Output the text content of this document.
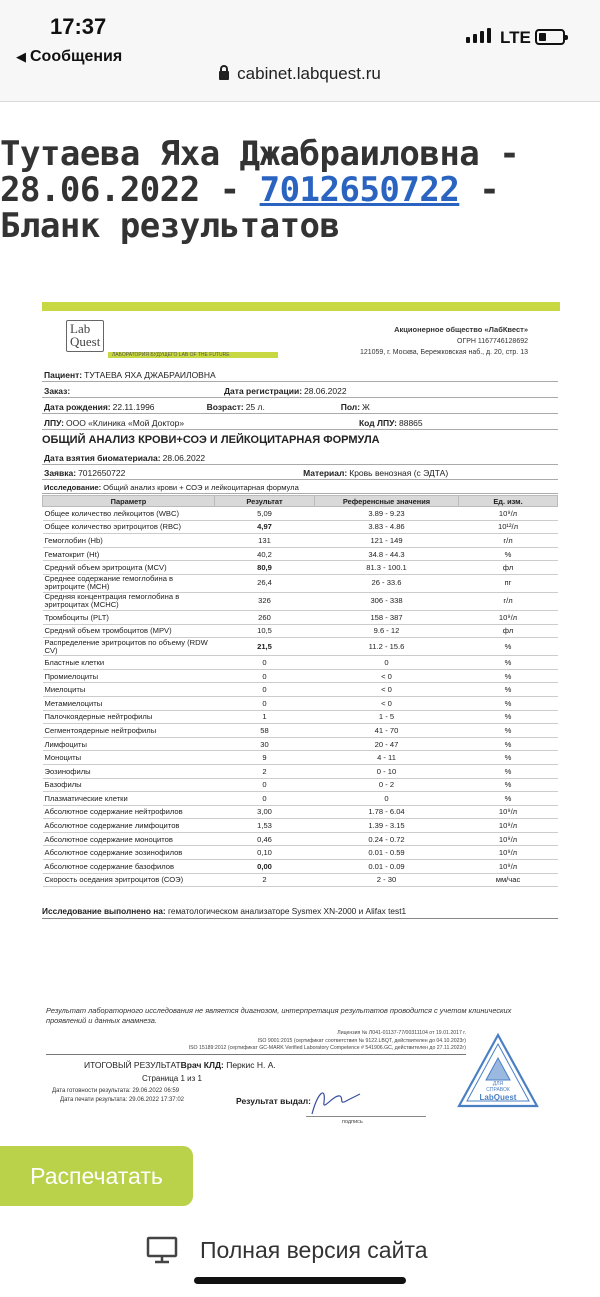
17:37
◀ Сообщения
LTE
cabinet.labquest.ru
Тутаева Яха Джабраиловна - 28.06.2022 - 7012650722 - Бланк результатов
Lab Quest
ЛАБОРАТОРИЯ БУДУЩЕГО LAB OF THE FUTURE
Акционерное общество «ЛабКвест»
ОГРН 1167746128692
121059, г. Москва, Бережковская наб., д. 20, стр. 13
Пациент: ТУТАЕВА ЯХА ДЖАБРАИЛОВНА
Заказ:	Дата регистрации: 28.06.2022
Дата рождения: 22.11.1996	Возраст: 25 л.	Пол: Ж
ЛПУ: ООО «Клиника «Мой Доктор»	Код ЛПУ: 88865
ОБЩИЙ АНАЛИЗ КРОВИ+СОЭ И ЛЕЙКОЦИТАРНАЯ ФОРМУЛА
Дата взятия биоматериала: 28.06.2022
Заявка: 7012650722	Материал: Кровь венозная (с ЭДТА)
Исследование: Общий анализ крови + СОЭ и лейкоцитарная формула
Параметр	Результат	Референсные значения	Ед. изм.
Общее количество лейкоцитов (WBC)	5,09	3.89 - 9.23	10⁹/л
Общее количество эритроцитов (RBC)	4,97	3.83 - 4.86	10¹²/л
Гемоглобин (Hb)	131	121 - 149	г/л
Гематокрит (Ht)	40,2	34.8 - 44.3	%
Средний объем эритроцита (MCV)	80,9	81.3 - 100.1	фл
Среднее содержание гемоглобина в эритроците (MCH)	26,4	26 - 33.6	пг
Средняя концентрация гемоглобина в эритроцитах (MCHC)	326	306 - 338	г/л
Тромбоциты (PLT)	260	158 - 387	10⁹/л
Средний объем тромбоцитов (MPV)	10,5	9.6 - 12	фл
Распределение эритроцитов по объему (RDW CV)	21,5	11.2 - 15.6	%
Бластные клетки	0	0	%
Промиелоциты	0	< 0	%
Миелоциты	0	< 0	%
Метамиелоциты	0	< 0	%
Палочкоядерные нейтрофилы	1	1 - 5	%
Сегментоядерные нейтрофилы	58	41 - 70	%
Лимфоциты	30	20 - 47	%
Моноциты	9	4 - 11	%
Эозинофилы	2	0 - 10	%
Базофилы	0	0 - 2	%
Плазматические клетки	0	0	%
Абсолютное содержание нейтрофилов	3,00	1.78 - 6.04	10⁹/л
Абсолютное содержание лимфоцитов	1,53	1.39 - 3.15	10⁹/л
Абсолютное содержание моноцитов	0,46	0.24 - 0.72	10⁹/л
Абсолютное содержание эозинофилов	0,10	0.01 - 0.59	10⁹/л
Абсолютное содержание базофилов	0,00	0.01 - 0.09	10⁹/л
Скорость оседания эритроцитов (СОЭ)	2	2 - 30	мм/час
Исследование выполнено на: гематологическом анализаторе Sysmex XN-2000 и Alifax test1
Результат лабораторного исследования не является диагнозом, интерпретация результатов проводится с учетом клинических проявлений и данных анамнеза.
Лицензия № Л041-01137-77/00311104 от 19.01.2017 г.
ISO 9001:2015 (сертификат соответствия № 9122.LBQT, действителен до 04.10.2023г)
ISO 15189:2012 (сертификат GC-MARK Verified Laboratory Competence # 541906.GC, действителен до 27.11.2022г)
ИТОГОВЫЙ РЕЗУЛЬТАТВрач КЛД: Перкис Н. А.
Страница 1 из 1
Дата готовности результата: 29.06.2022 06:59
Дата печати результата: 29.06.2022 17:37:02	Результат выдал:
подпись
ДЛЯ
СПРАВОК
LabQuest
Распечатать
Полная версия сайта
